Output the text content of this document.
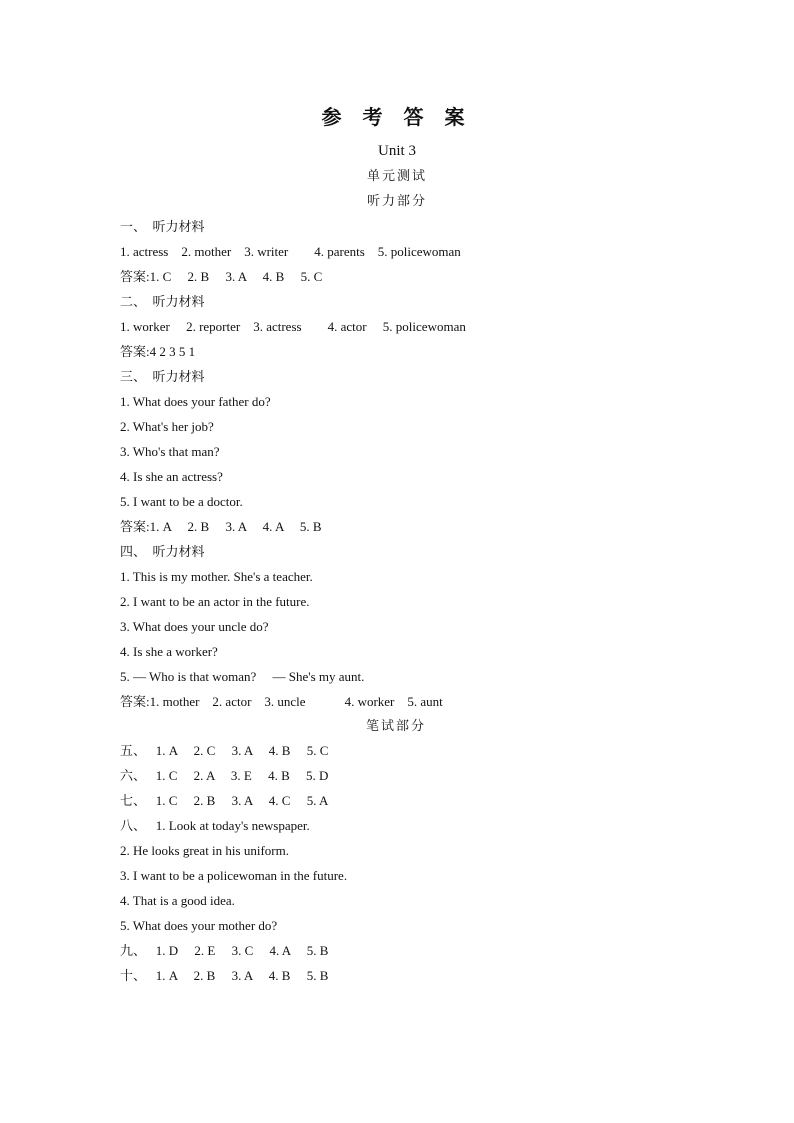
参 考 答 案
Unit 3
单元测试
听力部分
一、  听力材料
1. actress    2. mother    3. writer        4. parents    5. policewoman
答案:1. C     2. B     3. A     4. B     5. C
二、  听力材料
1. worker     2. reporter    3. actress        4. actor     5. policewoman
答案:4 2 3 5 1
三、  听力材料
1. What does your father do?
2. What's her job?
3. Who's that man?
4. Is she an actress?
5. I want to be a doctor.
答案:1. A     2. B     3. A     4. A     5. B
四、  听力材料
1. This is my mother. She's a teacher.
2. I want to be an actor in the future.
3. What does your uncle do?
4. Is she a worker?
5. — Who is that woman?     — She's my aunt.
答案:1. mother    2. actor    3. uncle            4. worker    5. aunt
笔试部分
五、   1. A     2. C     3. A     4. B     5. C
六、   1. C     2. A     3. E     4. B     5. D
七、   1. C     2. B     3. A     4. C     5. A
八、   1. Look at today's newspaper.
2. He looks great in his uniform.
3. I want to be a policewoman in the future.
4. That is a good idea.
5. What does your mother do?
九、   1. D     2. E     3. C     4. A     5. B
十、   1. A     2. B     3. A     4. B     5. B
